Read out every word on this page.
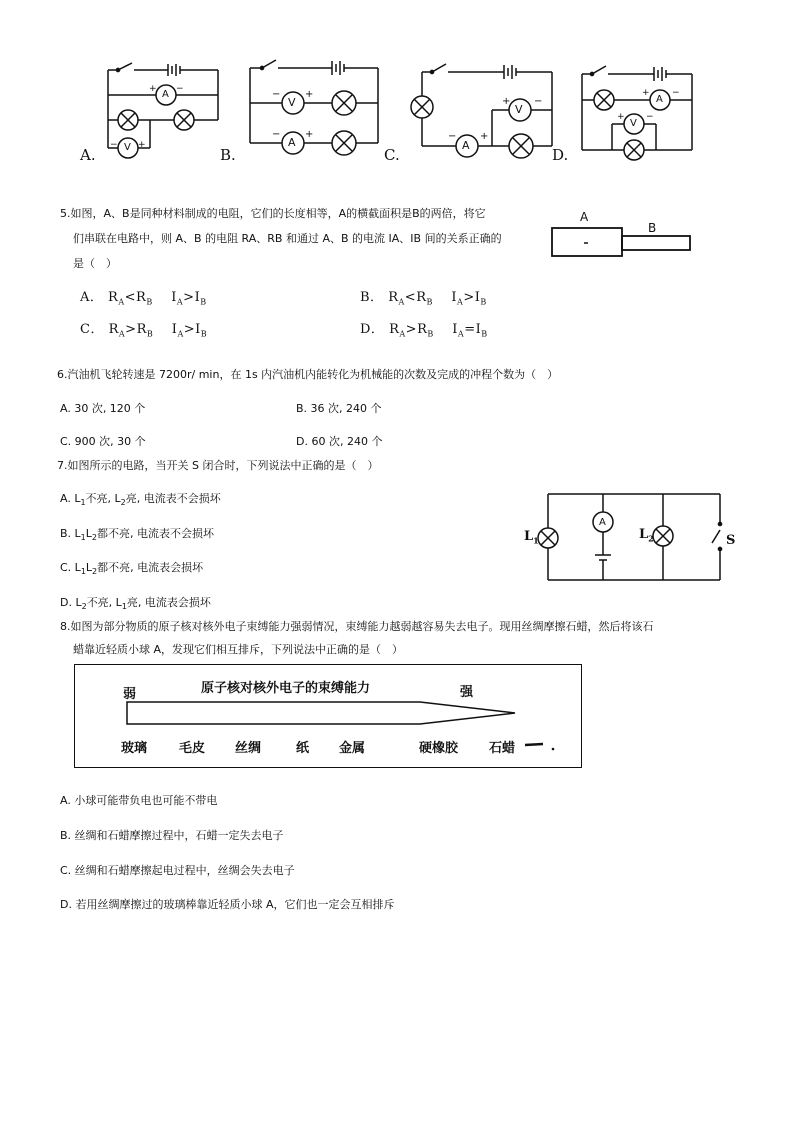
A
V
+ −
− +
A.
V
A
− +
− +
B.
V
A
+ −
− +
C.
A
V
+ −
+ −
D.
5.如图，A、B是同种材料制成的电阻，它们的长度相等，A的横截面积是B的两倍，将它
们串联在电路中，则 A、B 的电阻 RA、RB 和通过 A、B 的电流 IA、IB 间的关系正确的
是（　）
A
B
A． $R_A<R_B$ $I_A>I_B$	B． $R_A<R_B$ $I_A>I_B$
C． $R_A>R_B$ $I_A>I_B$	D． $R_A>R_B$ $I_A=I_B$
6.汽油机飞轮转速是 7200r/ min，在 1s 内汽油机内能转化为机械能的次数及完成的冲程个数为（　）
A. 30 次, 120 个	B. 36 次, 240 个
C. 900 次, 30 个	D. 60 次, 240 个
7.如图所示的电路，当开关 S 闭合时，下列说法中正确的是（　）
A. $L_1$不亮, $L_2$亮, 电流表不会损坏
B. $L_1L_2$都不亮, 电流表不会损坏
C. $L_1L_2$都不亮, 电流表会损坏
D. $L_2$不亮, $L_1$亮, 电流表会损坏
$L_1$	$L_2$
A
S
8.如图为部分物质的原子核对核外电子束缚能力强弱情况，束缚能力越弱越容易失去电子。现用丝绸摩擦石蜡，然后将该石
蜡靠近轻质小球 A，发现它们相互排斥，下列说法中正确的是（　）
原子核对核外电子的束缚能力
弱	强
玻璃 毛皮 丝绸	纸 金属	硬橡胶 石蜡
A. 小球可能带负电也可能不带电
B. 丝绸和石蜡摩擦过程中，石蜡一定失去电子
C. 丝绸和石蜡摩擦起电过程中，丝绸会失去电子
D. 若用丝绸摩擦过的玻璃棒靠近轻质小球 A，它们也一定会互相排斥
